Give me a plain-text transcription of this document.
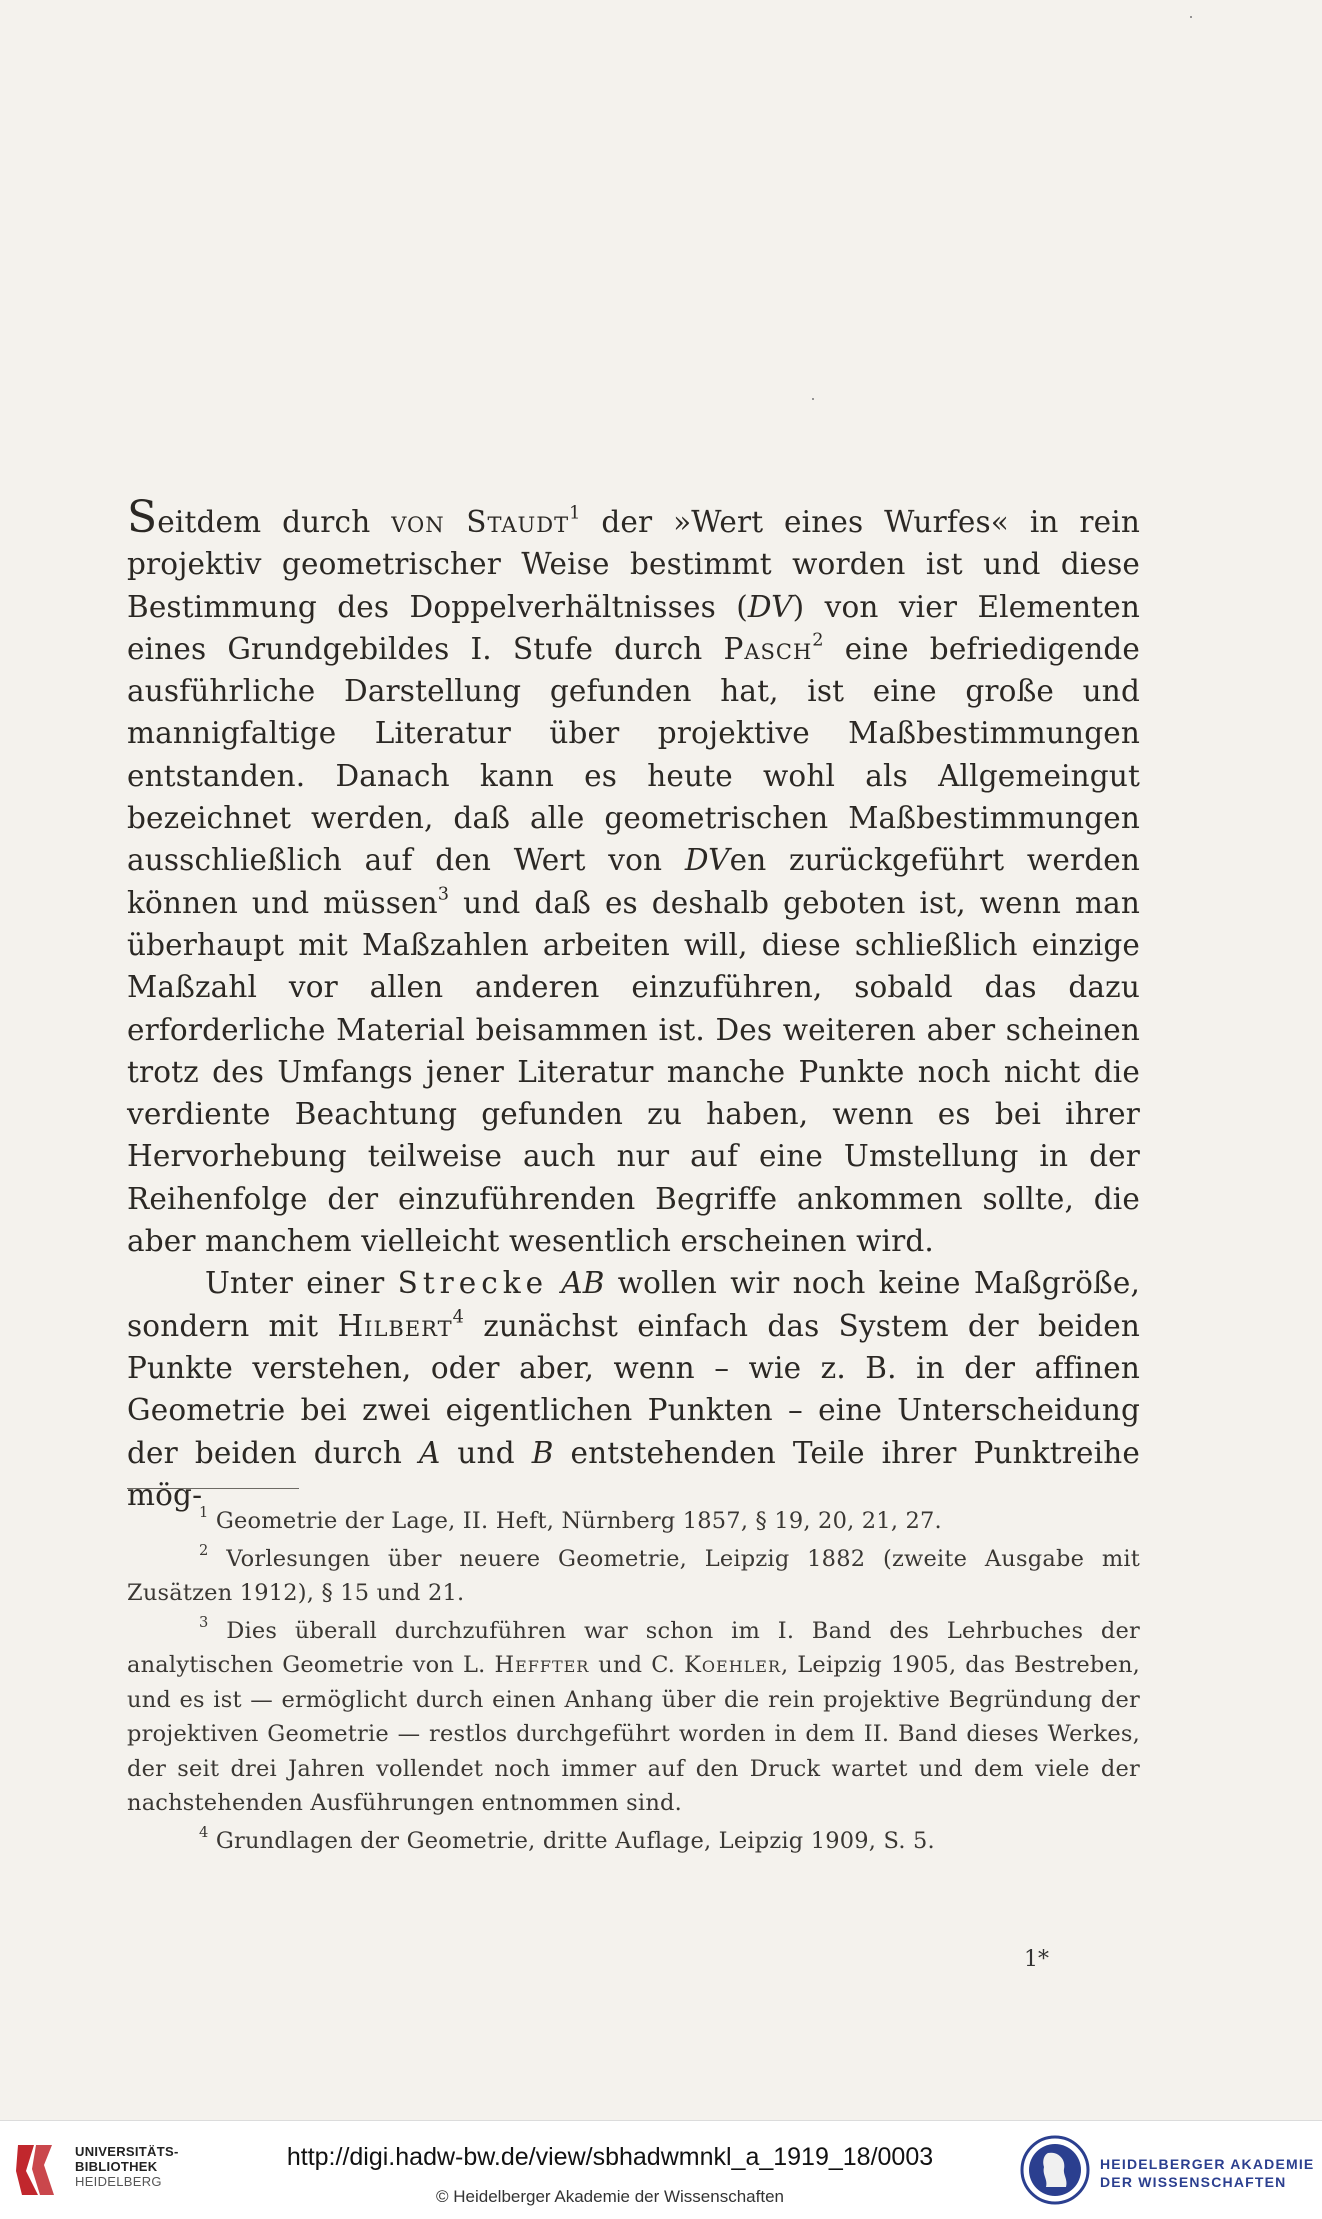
Seitdem durch von Staudt$^1$ der »Wert eines Wurfes« in rein projektiv geometrischer Weise bestimmt worden ist und diese Bestimmung des Doppelverhältnisses (DV) von vier Elementen eines Grundgebildes I. Stufe durch Pasch$^2$ eine befriedigende ausführliche Darstellung gefunden hat, ist eine große und mannigfaltige Literatur über projektive Maßbestimmungen entstanden. Danach kann es heute wohl als Allgemeingut bezeichnet werden, daß alle geometrischen Maßbestimmungen ausschließlich auf den Wert von DVen zurückgeführt werden können und müssen$^3$ und daß es deshalb geboten ist, wenn man überhaupt mit Maßzahlen arbeiten will, diese schließlich einzige Maßzahl vor allen anderen einzuführen, sobald das dazu erforderliche Material beisammen ist. Des weiteren aber scheinen trotz des Umfangs jener Literatur manche Punkte noch nicht die verdiente Beachtung gefunden zu haben, wenn es bei ihrer Hervorhebung teilweise auch nur auf eine Umstellung in der Reihenfolge der einzuführenden Begriffe ankommen sollte, die aber manchem vielleicht wesentlich erscheinen wird.

Unter einer Strecke AB wollen wir noch keine Maßgröße, sondern mit Hilbert$^4$ zunächst einfach das System der beiden Punkte verstehen, oder aber, wenn – wie z. B. in der affinen Geometrie bei zwei eigentlichen Punkten – eine Unterscheidung der beiden durch A und B entstehenden Teile ihrer Punktreihe mög-

$^1$ Geometrie der Lage, II. Heft, Nürnberg 1857, § 19, 20, 21, 27.

$^2$ Vorlesungen über neuere Geometrie, Leipzig 1882 (zweite Ausgabe mit Zusätzen 1912), § 15 und 21.

$^3$ Dies überall durchzuführen war schon im I. Band des Lehrbuches der analytischen Geometrie von L. Heffter und C. Koehler, Leipzig 1905, das Bestreben, und es ist — ermöglicht durch einen Anhang über die rein projektive Begründung der projektiven Geometrie — restlos durchgeführt worden in dem II. Band dieses Werkes, der seit drei Jahren vollendet noch immer auf den Druck wartet und dem viele der nachstehenden Ausführungen entnommen sind.

$^4$ Grundlagen der Geometrie, dritte Auflage, Leipzig 1909, S. 5.

1*
UNIVERSITÄTS-
BIBLIOTHEK
HEIDELBERG
http://digi.hadw-bw.de/view/sbhadwmnkl_a_1919_18/0003
© Heidelberger Akademie der Wissenschaften
HEIDELBERGER AKADEMIE
DER WISSENSCHAFTEN
